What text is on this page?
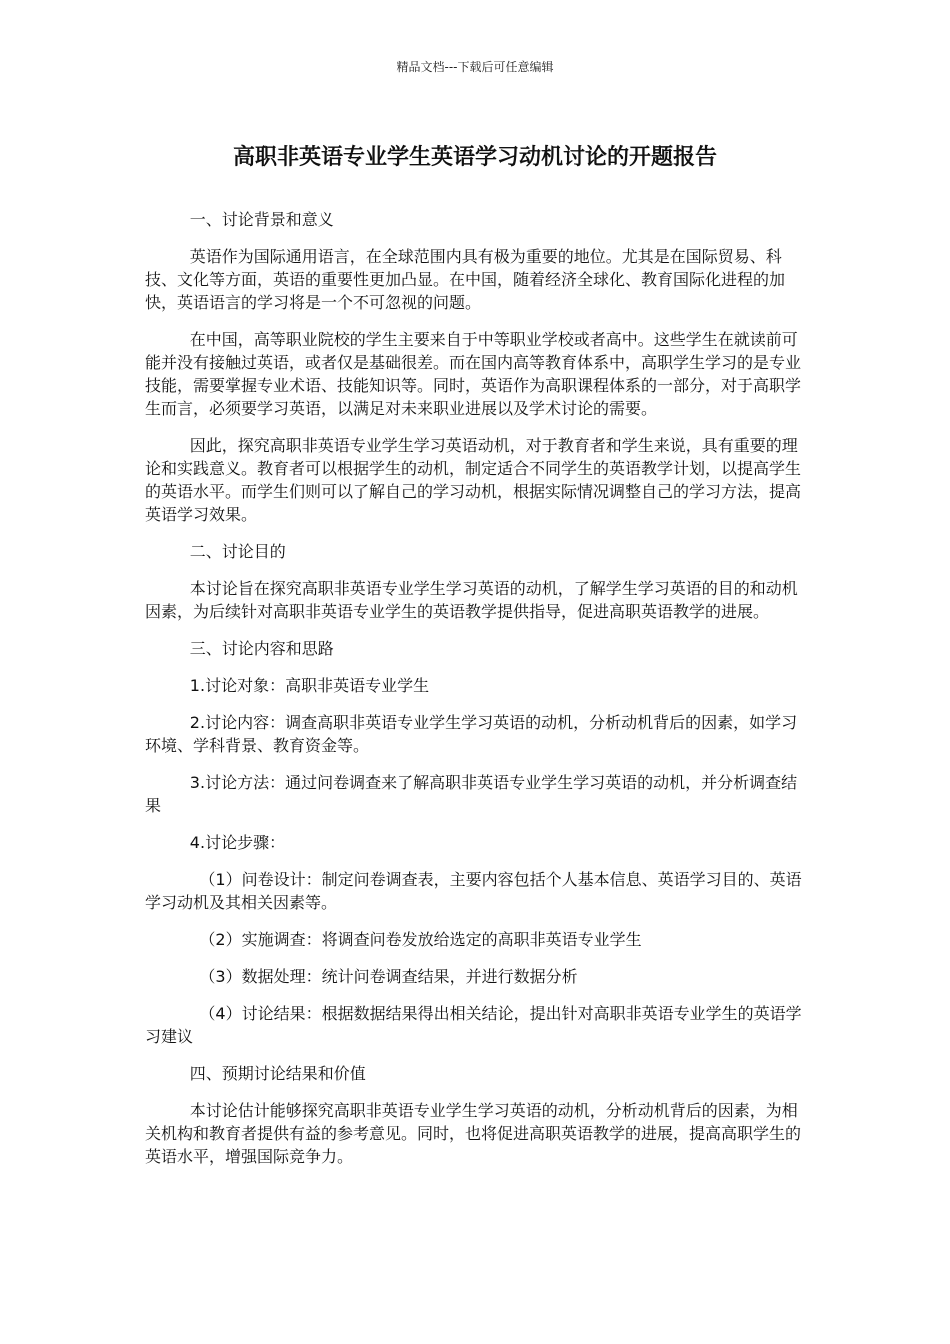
精品文档---下载后可任意编辑
高职非英语专业学生英语学习动机讨论的开题报告

一、讨论背景和意义

英语作为国际通用语言，在全球范围内具有极为重要的地位。尤其是在国际贸易、科技、文化等方面，英语的重要性更加凸显。在中国，随着经济全球化、教育国际化进程的加快，英语语言的学习将是一个不可忽视的问题。

在中国，高等职业院校的学生主要来自于中等职业学校或者高中。这些学生在就读前可能并没有接触过英语，或者仅是基础很差。而在国内高等教育体系中，高职学生学习的是专业技能，需要掌握专业术语、技能知识等。同时，英语作为高职课程体系的一部分，对于高职学生而言，必须要学习英语，以满足对未来职业进展以及学术讨论的需要。

因此，探究高职非英语专业学生学习英语动机，对于教育者和学生来说，具有重要的理论和实践意义。教育者可以根据学生的动机，制定适合不同学生的英语教学计划，以提高学生的英语水平。而学生们则可以了解自己的学习动机，根据实际情况调整自己的学习方法，提高英语学习效果。

二、讨论目的

本讨论旨在探究高职非英语专业学生学习英语的动机，了解学生学习英语的目的和动机因素，为后续针对高职非英语专业学生的英语教学提供指导，促进高职英语教学的进展。

三、讨论内容和思路

1.讨论对象：高职非英语专业学生

2.讨论内容：调查高职非英语专业学生学习英语的动机，分析动机背后的因素，如学习环境、学科背景、教育资金等。

3.讨论方法：通过问卷调查来了解高职非英语专业学生学习英语的动机，并分析调查结果

4.讨论步骤：

（1）问卷设计：制定问卷调查表，主要内容包括个人基本信息、英语学习目的、英语学习动机及其相关因素等。

（2）实施调查：将调查问卷发放给选定的高职非英语专业学生

（3）数据处理：统计问卷调查结果，并进行数据分析

（4）讨论结果：根据数据结果得出相关结论，提出针对高职非英语专业学生的英语学习建议

四、预期讨论结果和价值

本讨论估计能够探究高职非英语专业学生学习英语的动机，分析动机背后的因素，为相关机构和教育者提供有益的参考意见。同时，也将促进高职英语教学的进展，提高高职学生的英语水平，增强国际竞争力。
